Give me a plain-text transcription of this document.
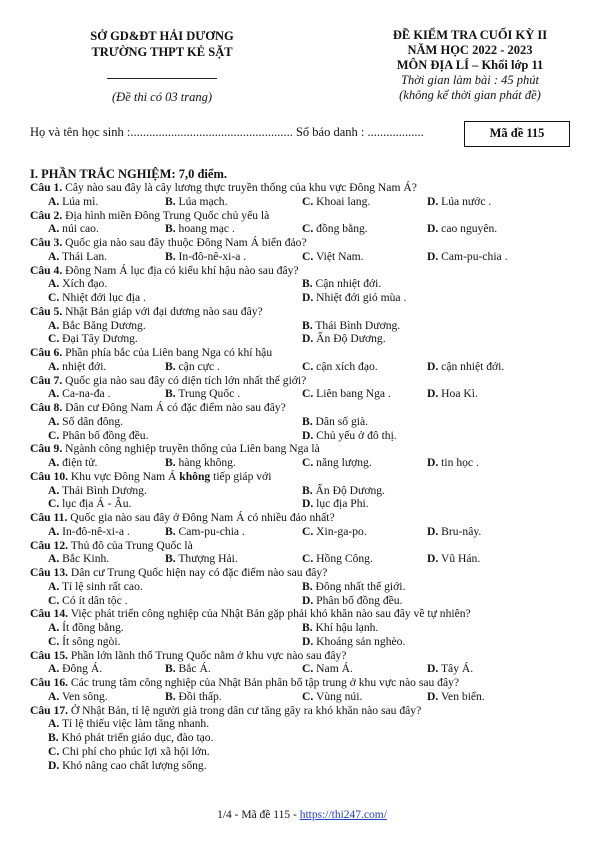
SỞ GD&ĐT HẢI DƯƠNG
TRƯỜNG THPT KẺ SẶT
(Đề thi có 03 trang)
ĐỀ KIỂM TRA CUỐI KỲ II
NĂM HỌC 2022 - 2023
MÔN ĐỊA LÍ – Khối lớp 11
Thời gian làm bài : 45 phút
(không kể thời gian phát đề)
Họ và tên học sinh :.................................................... Số báo danh : ..................	Mã đề 115
I. PHẦN TRẮC NGHIỆM: 7,0 điểm.
Câu 1. Cây nào sau đây là cây lương thực truyền thống của khu vực Đông Nam Á?
A. Lúa mì.	B. Lúa mạch.	C. Khoai lang.	D. Lúa nước .
Câu 2. Địa hình miền Đông Trung Quốc chủ yếu là
A. núi cao.	B. hoang mạc .	C. đồng bằng.	D. cao nguyên.
Câu 3. Quốc gia nào sau đây thuộc Đông Nam Á biển đảo?
A. Thái Lan.	B. In-đô-nê-xi-a .	C. Việt Nam.	D. Cam-pu-chia .
Câu 4. Đông Nam Á lục địa có kiểu khí hậu nào sau đây?
A. Xích đạo.	B. Cận nhiệt đới.
C. Nhiệt đới lục địa .	D. Nhiệt đới gió mùa .
Câu 5. Nhật Bản giáp với đại dương nào sau đây?
A. Bắc Băng Dương.	B. Thái Bình Dương.
C. Đại Tây Dương.	D. Ấn Độ Dương.
Câu 6. Phần phía bắc của Liên bang Nga có khí hậu
A. nhiệt đới.	B. cận cực .	C. cận xích đạo.	D. cận nhiệt đới.
Câu 7. Quốc gia nào sau đây có diện tích lớn nhất thế giới?
A. Ca-na-đa .	B. Trung Quốc .	C. Liên bang Nga .	D. Hoa Kì.
Câu 8. Dân cư Đông Nam Á có đặc điểm nào sau đây?
A. Số dân đông.	B. Dân số già.
C. Phân bố đồng đều.	D. Chủ yếu ở đô thị.
Câu 9. Ngành công nghiệp truyền thống của Liên bang Nga là
A. điện tử.	B. hàng không.	C. năng lượng.	D. tin học .
Câu 10. Khu vực Đông Nam Á không tiếp giáp với
A. Thái Bình Dương.	B. Ấn Độ Dương.
C. lục địa Á - Âu.	D. lục địa Phi.
Câu 11. Quốc gia nào sau đây ở Đông Nam Á có nhiều đảo nhất?
A. In-đô-nê-xi-a .	B. Cam-pu-chia .	C. Xin-ga-po.	D. Bru-nây.
Câu 12. Thủ đô của Trung Quốc là
A. Bắc Kinh.	B. Thượng Hải.	C. Hồng Công.	D. Vũ Hán.
Câu 13. Dân cư Trung Quốc hiện nay có đặc điểm nào sau đây?
A. Tỉ lệ sinh rất cao.	B. Đông nhất thế giới.
C. Có ít dân tộc .	D. Phân bố đồng đều.
Câu 14. Việc phát triển công nghiệp của Nhật Bản gặp phải khó khăn nào sau đây về tự nhiên?
A. Ít đồng bằng.	B. Khí hậu lạnh.
C. Ít sông ngòi.	D. Khoáng sản nghèo.
Câu 15. Phần lớn lãnh thổ Trung Quốc nằm ở khu vực nào sau đây?
A. Đông Á.	B. Bắc Á.	C. Nam Á.	D. Tây Á.
Câu 16. Các trung tâm công nghiệp của Nhật Bản phân bố tập trung ở khu vực nào sau đây?
A. Ven sông.	B. Đồi thấp.	C. Vùng núi.	D. Ven biển.
Câu 17. Ở Nhật Bản, tỉ lệ người già trong dân cư tăng gây ra khó khăn nào sau đây?
A. Tỉ lệ thiếu việc làm tăng nhanh.
B. Khó phát triển giáo dục, đào tạo.
C. Chi phí cho phúc lợi xã hội lớn.
D. Khó nâng cao chất lượng sống.
1/4 - Mã đề 115 - https://thi247.com/
